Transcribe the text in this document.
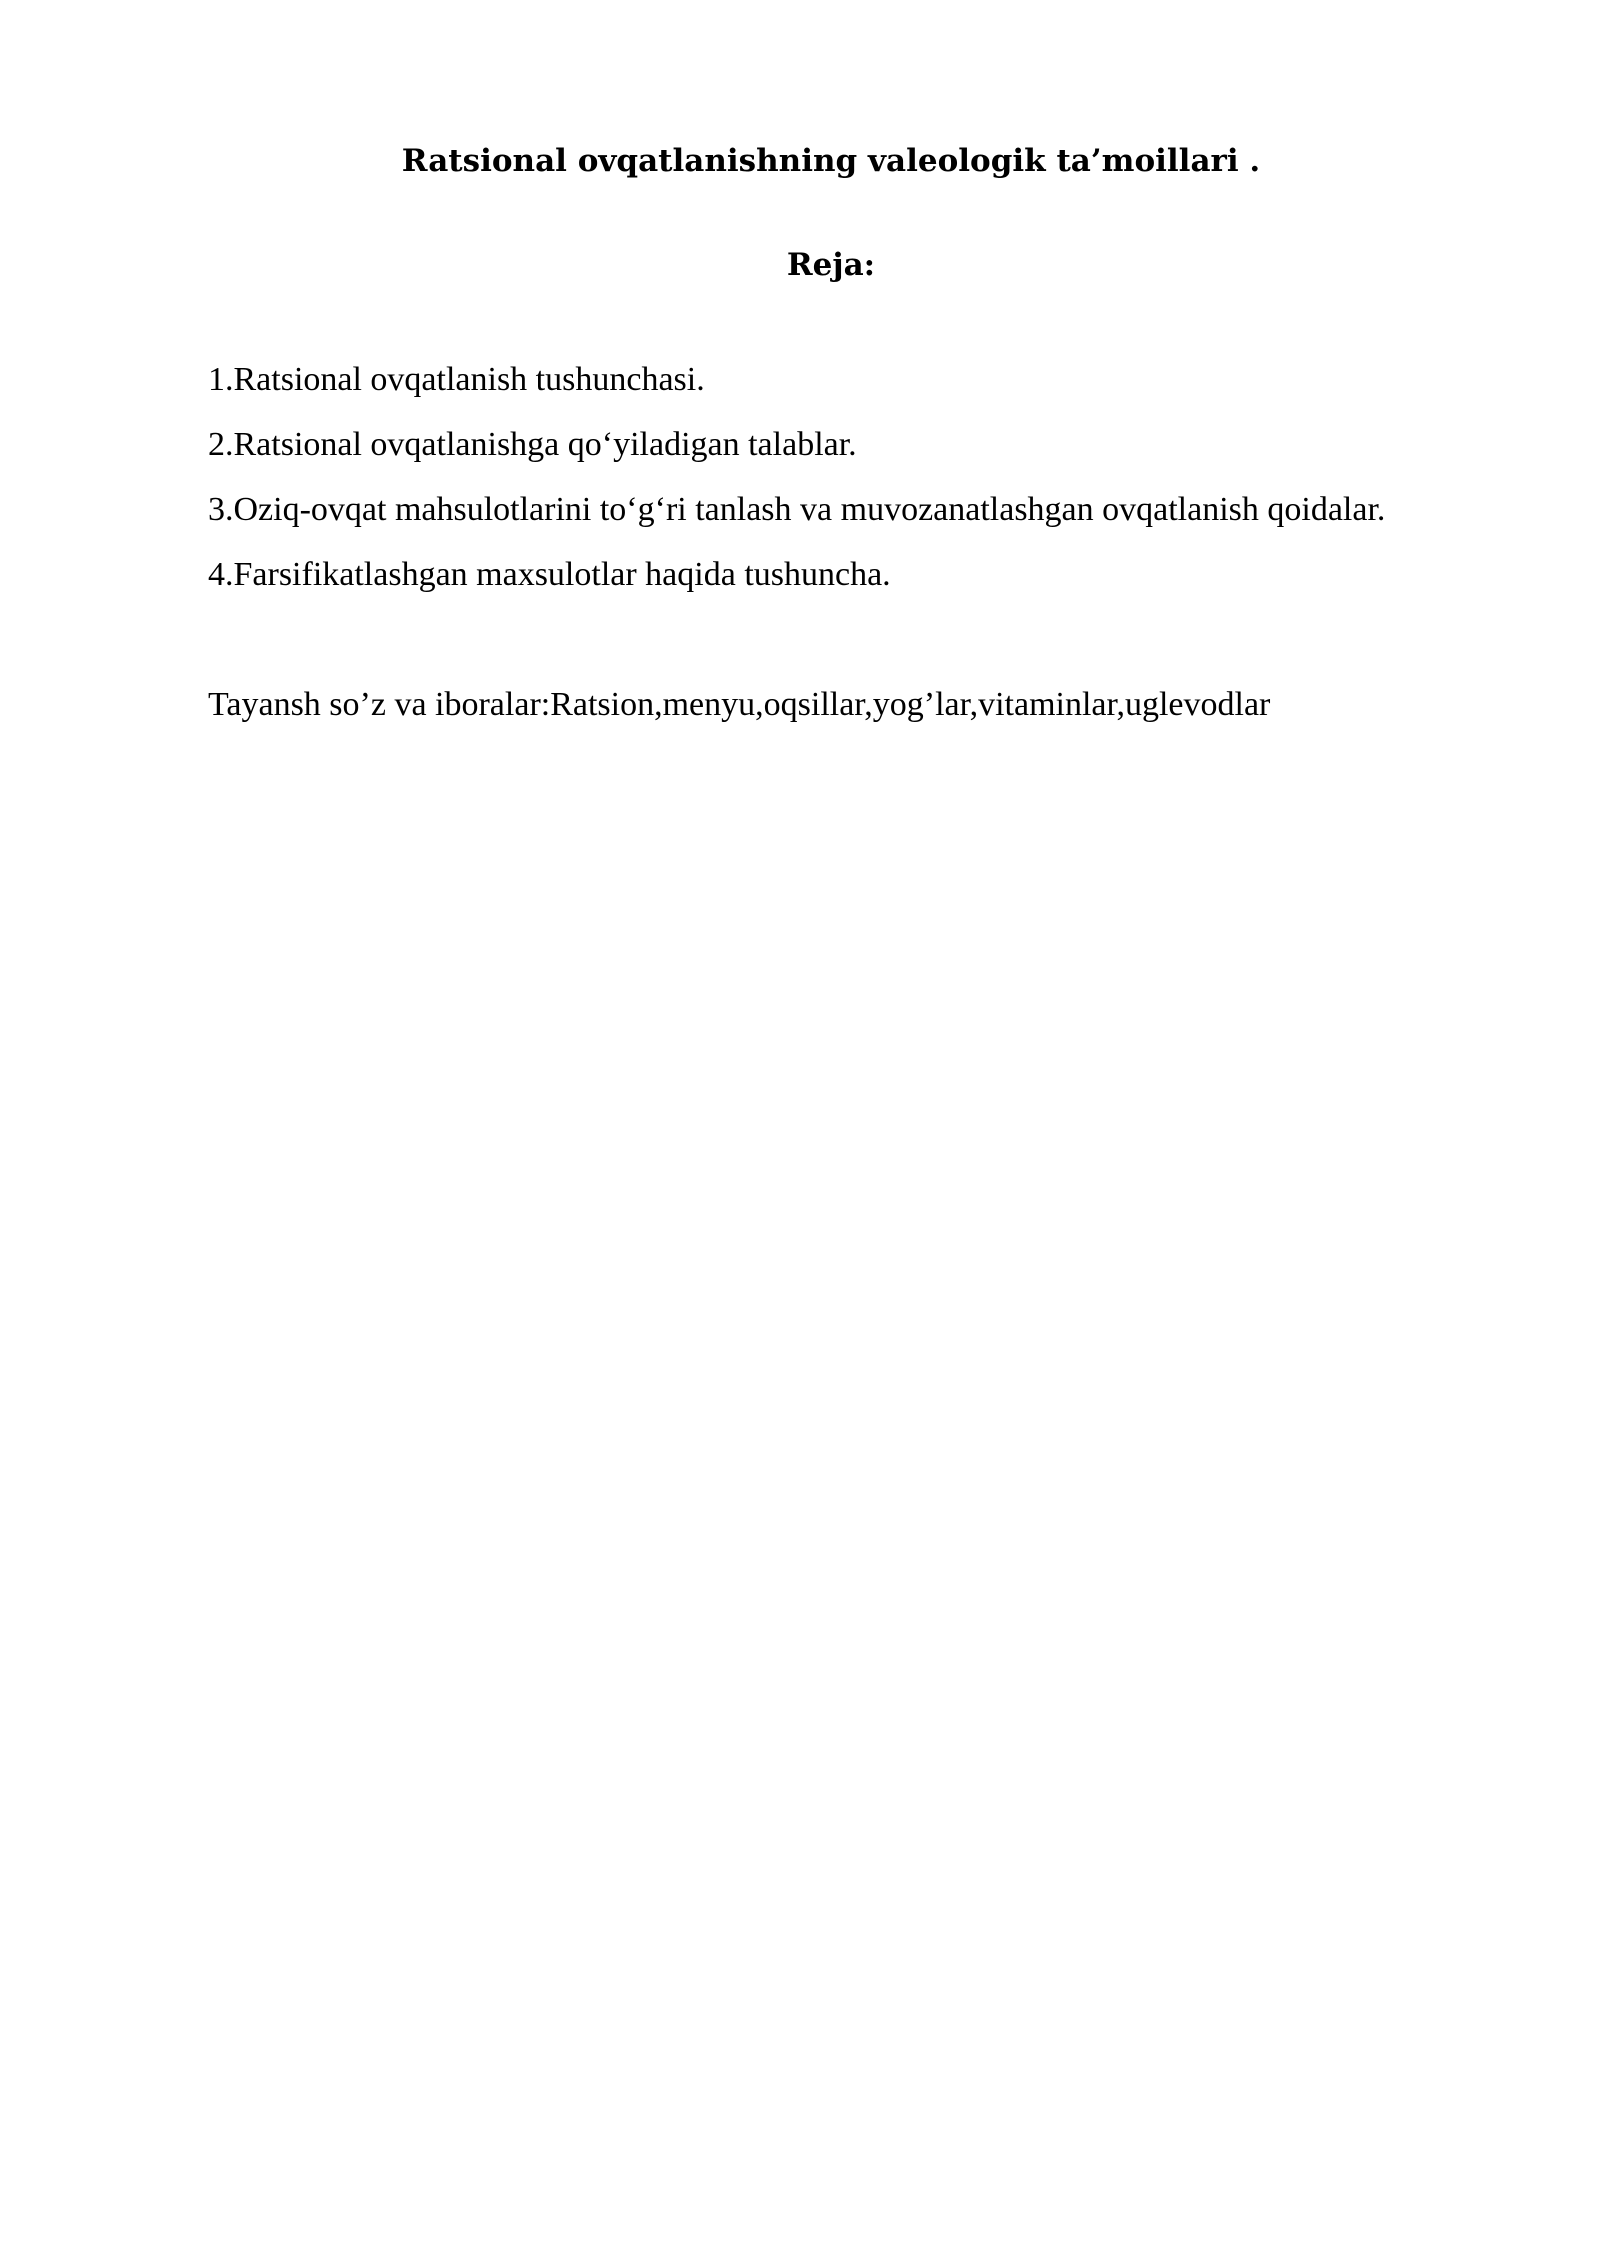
Ratsional ovqatlanishning valeologik ta’moillari .
Reja:

1.Ratsional ovqatlanish tushunchasi.

2.Ratsional ovqatlanishga qo‘yiladigan talablar.

3.Oziq-ovqat mahsulotlarini to‘g‘ri tanlash va muvozanatlashgan ovqatlanish qoidalar.

4.Farsifikatlashgan maxsulotlar haqida tushuncha.

Tayansh so’z va iboralar:Ratsion,menyu,oqsillar,yog’lar,vitaminlar,uglevodlar
